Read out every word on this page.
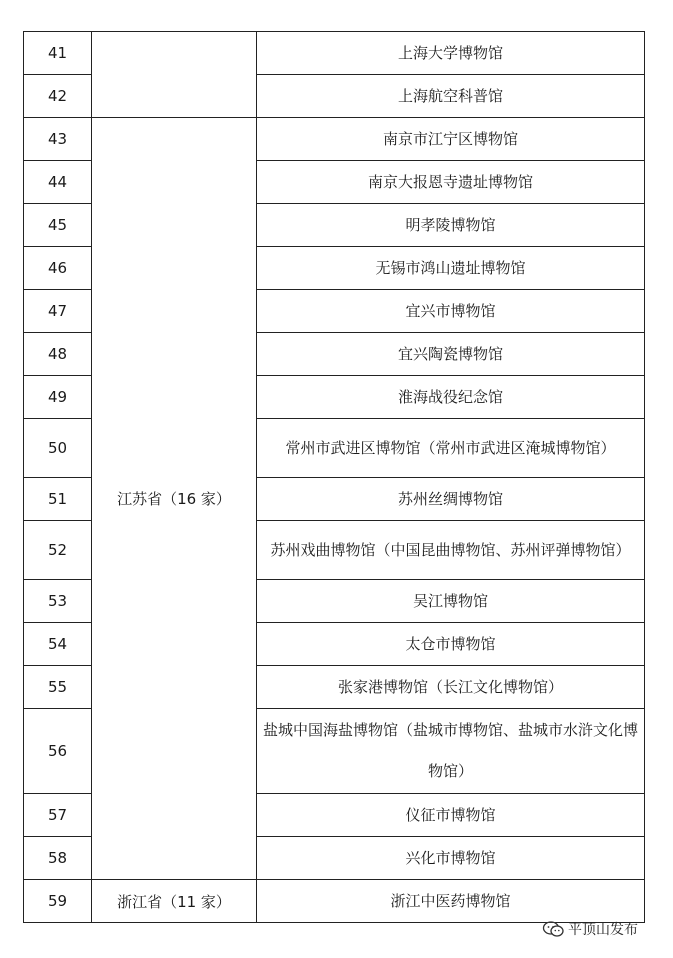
41		上海大学博物馆
42		上海航空科普馆
43	江苏省（16 家）	南京市江宁区博物馆
44		南京大报恩寺遗址博物馆
45		明孝陵博物馆
46		无锡市鸿山遗址博物馆
47		宜兴市博物馆
48		宜兴陶瓷博物馆
49		淮海战役纪念馆
50		常州市武进区博物馆（常州市武进区淹城博物馆）
51		苏州丝绸博物馆
52		苏州戏曲博物馆（中国昆曲博物馆、苏州评弹博物馆）
53		吴江博物馆
54		太仓市博物馆
55		张家港博物馆（长江文化博物馆）
56		盐城中国海盐博物馆（盐城市博物馆、盐城市水浒文化博物馆）
57		仪征市博物馆
58		兴化市博物馆
59	浙江省（11 家）	浙江中医药博物馆
平顶山发布
